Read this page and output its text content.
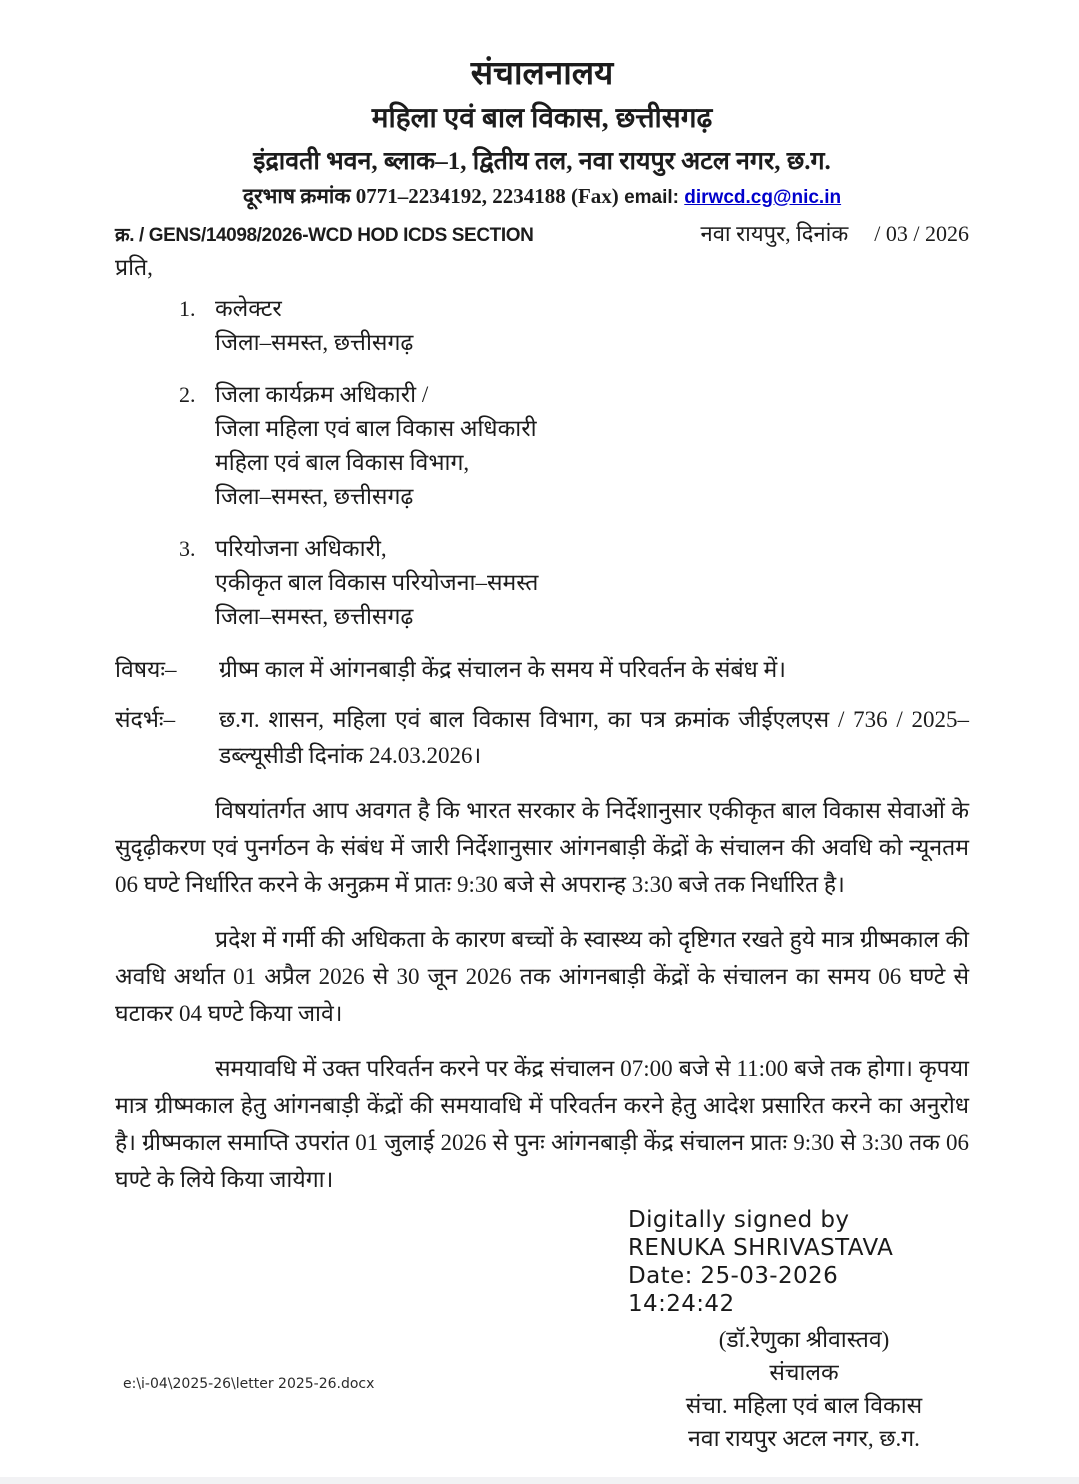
संचालनालय
महिला एवं बाल विकास, छत्तीसगढ़
इंद्रावती भवन, ब्लाक–1, द्वितीय तल, नवा रायपुर अटल नगर, छ.ग.
दूरभाष क्रमांक 0771–2234192, 2234188 (Fax) email: dirwcd.cg@nic.in
क्र. / GENS/14098/2026-WCD HOD ICDS SECTION	नवा रायपुर, दिनांक / 03 / 2026
प्रति,
1. कलेक्टर
जिला–समस्त, छत्तीसगढ़
2. जिला कार्यक्रम अधिकारी /
जिला महिला एवं बाल विकास अधिकारी
महिला एवं बाल विकास विभाग,
जिला–समस्त, छत्तीसगढ़
3. परियोजना अधिकारी,
एकीकृत बाल विकास परियोजना–समस्त
जिला–समस्त, छत्तीसगढ़
विषयः–	ग्रीष्म काल में आंगनबाड़ी केंद्र संचालन के समय में परिवर्तन के संबंध में।
संदर्भः–	छ.ग. शासन, महिला एवं बाल विकास विभाग, का पत्र क्रमांक जीईएलएस / 736 / 2025–डब्ल्यूसीडी दिनांक 24.03.2026।

विषयांतर्गत आप अवगत है कि भारत सरकार के निर्देशानुसार एकीकृत बाल विकास सेवाओं के सुदृढ़ीकरण एवं पुनर्गठन के संबंध में जारी निर्देशानुसार आंगनबाड़ी केंद्रों के संचालन की अवधि को न्यूनतम 06 घण्टे निर्धारित करने के अनुक्रम में प्रातः 9:30 बजे से अपरान्ह 3:30 बजे तक निर्धारित है।

प्रदेश में गर्मी की अधिकता के कारण बच्चों के स्वास्थ्य को दृष्टिगत रखते हुये मात्र ग्रीष्मकाल की अवधि अर्थात 01 अप्रैल 2026 से 30 जून 2026 तक आंगनबाड़ी केंद्रों के संचालन का समय 06 घण्टे से घटाकर 04 घण्टे किया जावे।

समयावधि में उक्त परिवर्तन करने पर केंद्र संचालन 07:00 बजे से 11:00 बजे तक होगा। कृपया मात्र ग्रीष्मकाल हेतु आंगनबाड़ी केंद्रों की समयावधि में परिवर्तन करने हेतु आदेश प्रसारित करने का अनुरोध है। ग्रीष्मकाल समाप्ति उपरांत 01 जुलाई 2026 से पुनः आंगनबाड़ी केंद्र संचालन प्रातः 9:30 से 3:30 तक 06 घण्टे के लिये किया जायेगा।

Digitally signed by
RENUKA SHRIVASTAVA
Date: 25-03-2026
14:24:42
(डॉ.रेणुका श्रीवास्तव)
संचालक
संचा. महिला एवं बाल विकास
नवा रायपुर अटल नगर, छ.ग.
e:\i-04\2025-26\letter 2025-26.docx
